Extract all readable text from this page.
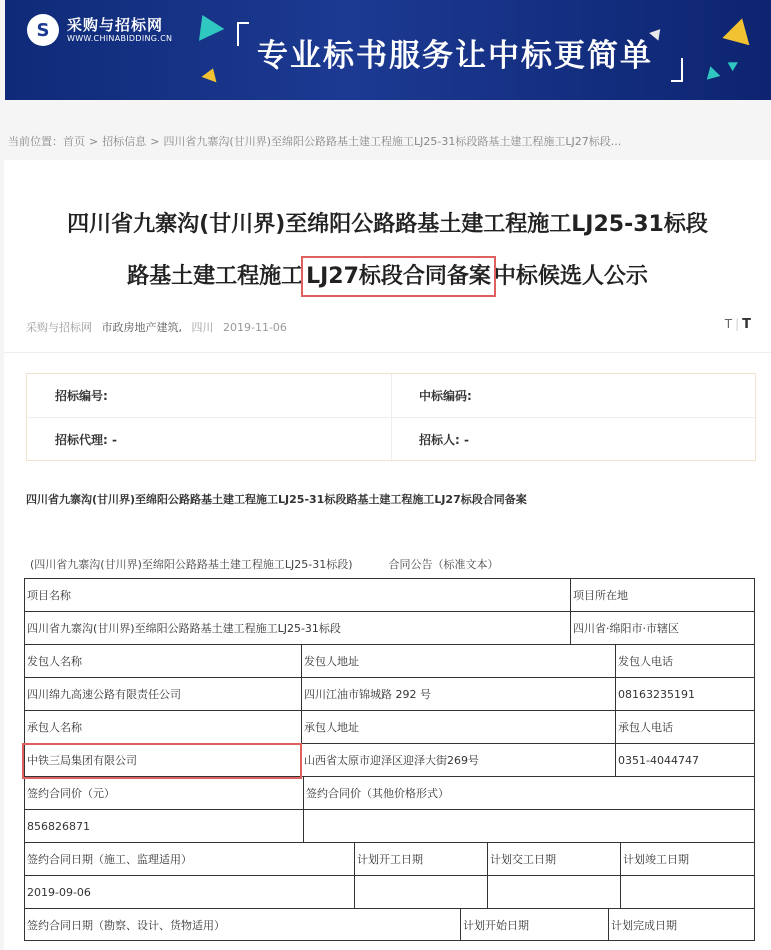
S	采购与招标网
WWW.CHINABIDDING.CN	专业标书服务让中标更简单
当前位置：首页 > 招标信息 > 四川省九寨沟(甘川界)至绵阳公路路基土建工程施工LJ25-31标段路基土建工程施工LJ27标段...
四川省九寨沟(甘川界)至绵阳公路路基土建工程施工LJ25-31标段
路基土建工程施工 LJ27标段合同备案 中标候选人公示
采购与招标网 市政房地产建筑, 四川 2019-11-06	T | T
招标编号:	中标编码:
招标代理: -	招标人: -
四川省九寨沟(甘川界)至绵阳公路路基土建工程施工LJ25-31标段路基土建工程施工LJ27标段合同备案
(四川省九寨沟(甘川界)至绵阳公路路基土建工程施工LJ25-31标段)	合同公告（标准文本）
项目名称	项目所在地
四川省九寨沟(甘川界)至绵阳公路路基土建工程施工LJ25-31标段	四川省·绵阳市·市辖区
发包人名称	发包人地址	发包人电话
四川绵九高速公路有限责任公司	四川江油市锦城路 292 号	08163235191
承包人名称	承包人地址	承包人电话
中铁三局集团有限公司	山西省太原市迎泽区迎泽大街269号	0351-4044747
签约合同价（元）	签约合同价（其他价格形式）
856826871
签约合同日期（施工、监理适用）	计划开工日期	计划交工日期	计划竣工日期
2019-09-06
签约合同日期（勘察、设计、货物适用）	计划开始日期	计划完成日期
